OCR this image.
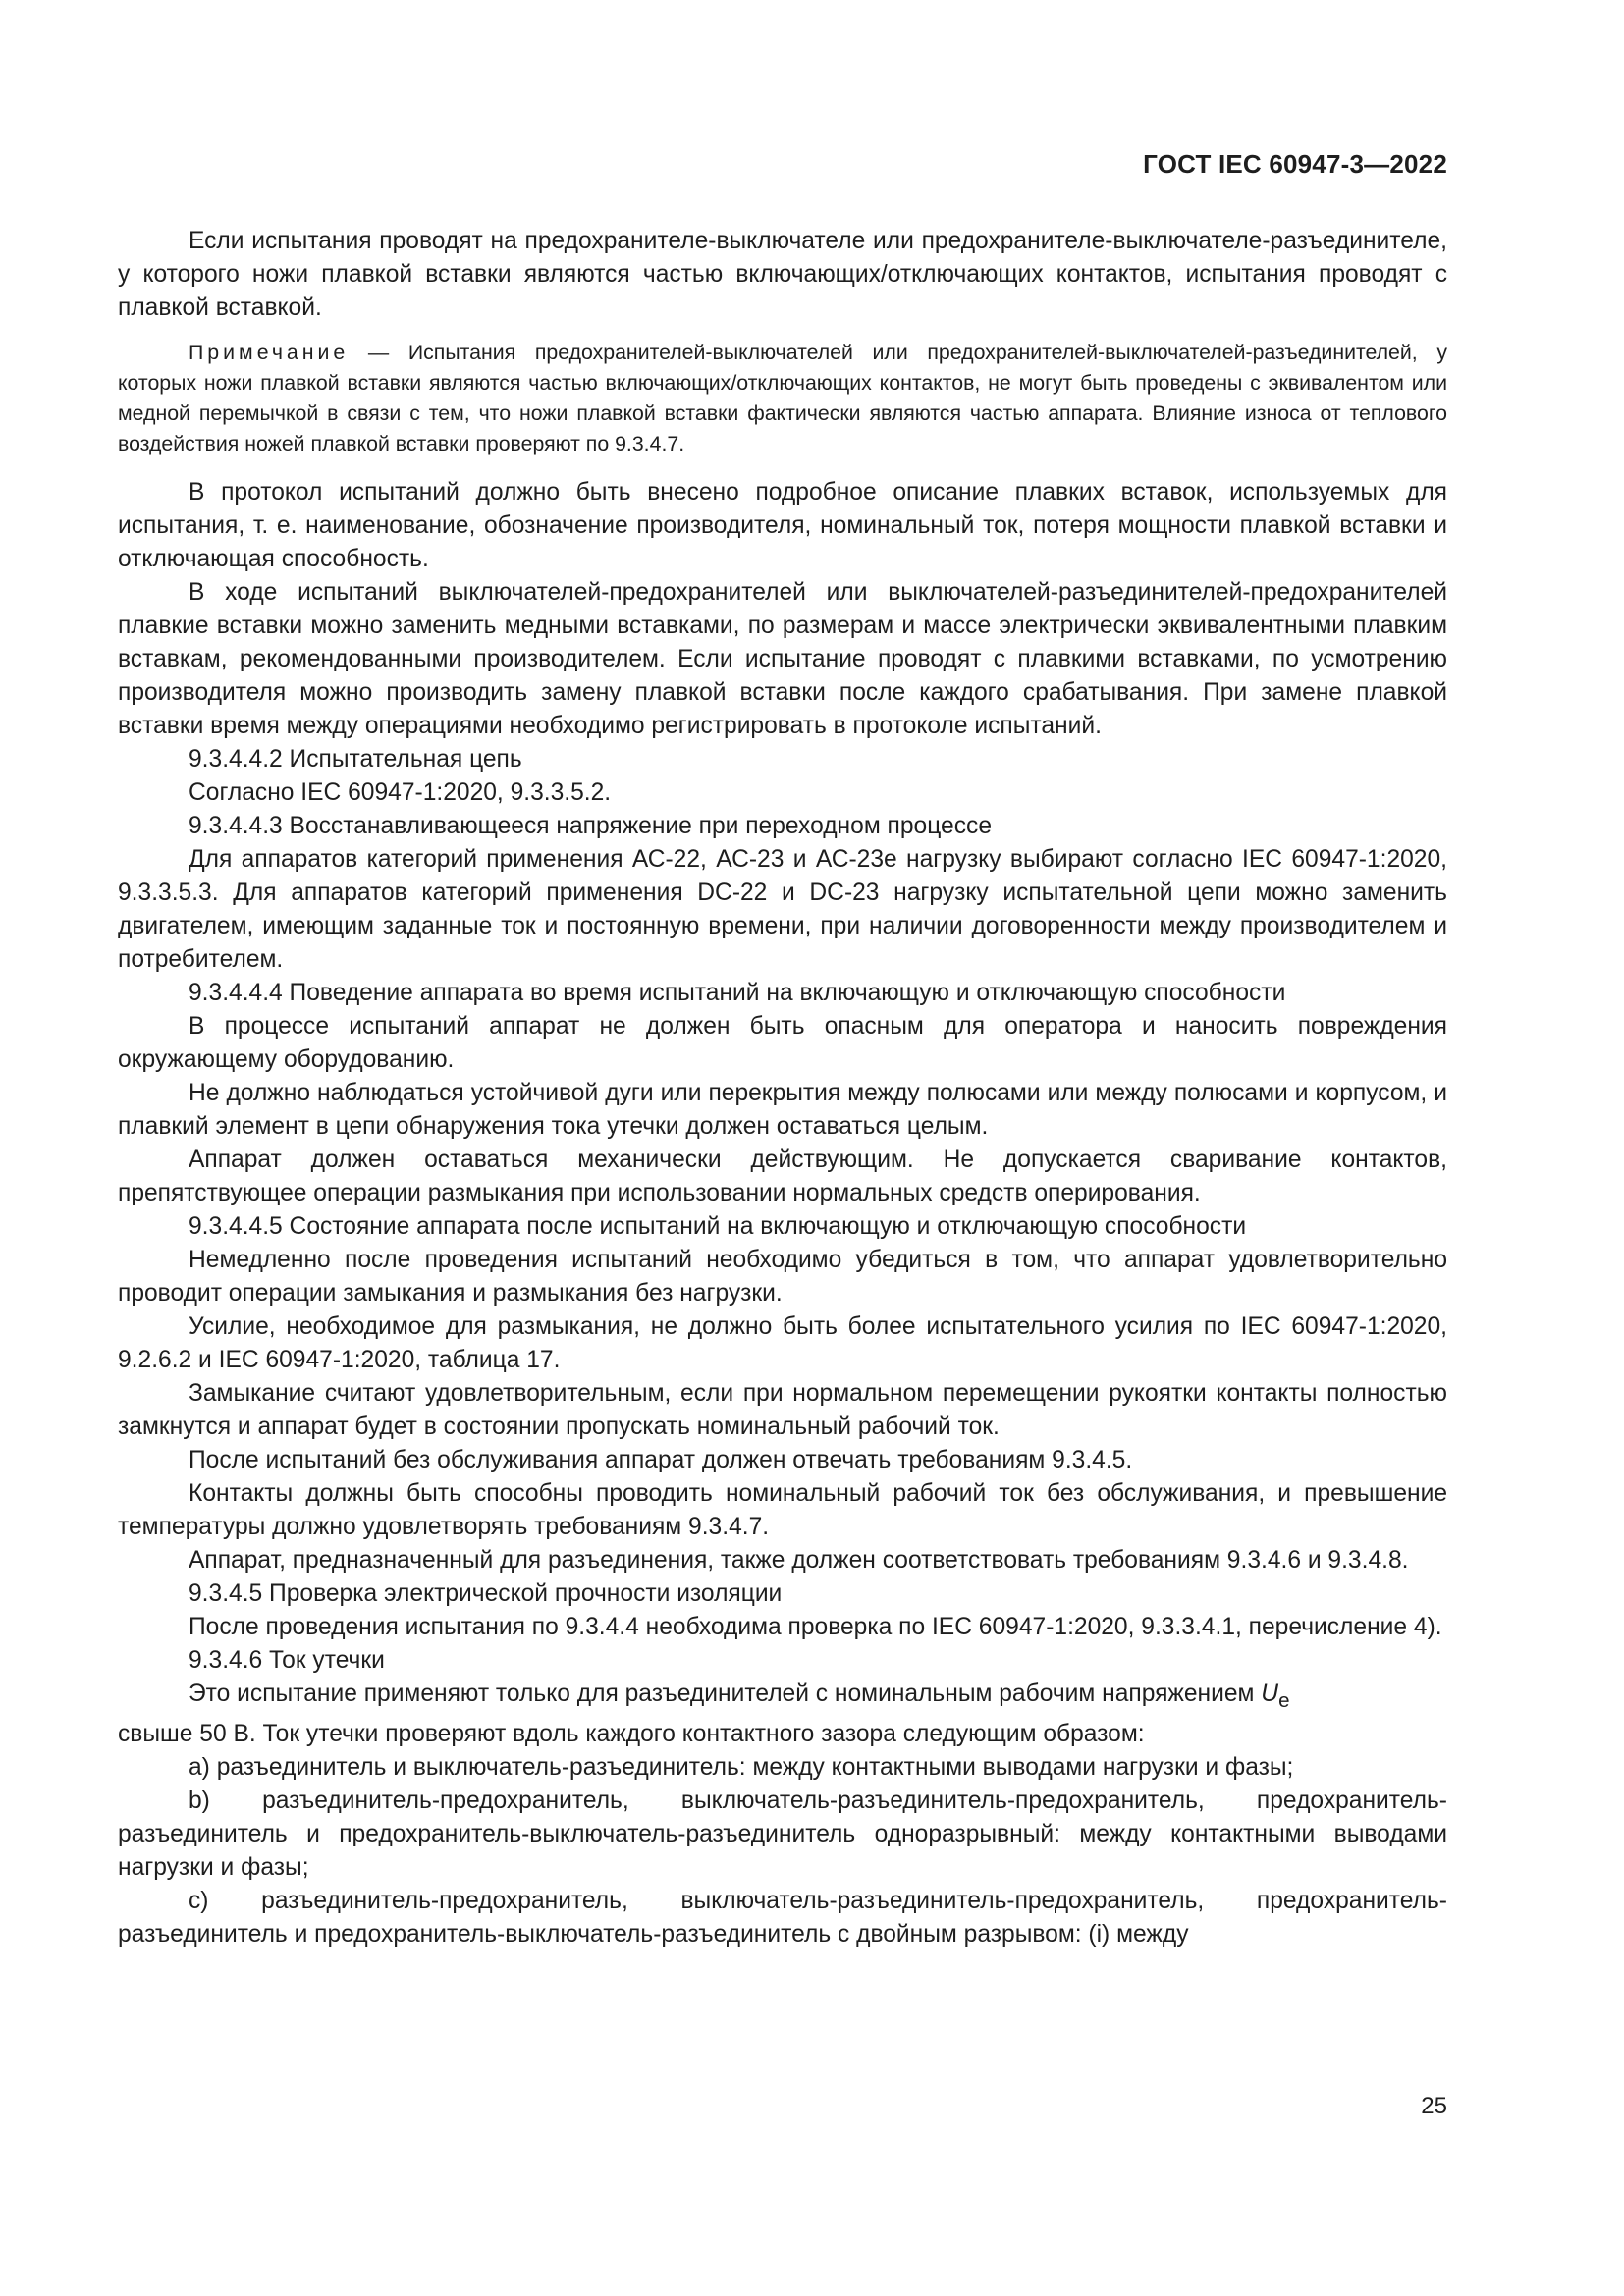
ГОСТ IEC 60947-3—2022

Если испытания проводят на предохранителе-выключателе или предохранителе-выключателе-разъединителе, у которого ножи плавкой вставки являются частью включающих/отключающих контактов, испытания проводят с плавкой вставкой.

Примечание — Испытания предохранителей-выключателей или предохранителей-выключателей-разъединителей, у которых ножи плавкой вставки являются частью включающих/отключающих контактов, не могут быть проведены с эквивалентом или медной перемычкой в связи с тем, что ножи плавкой вставки фактически являются частью аппарата. Влияние износа от теплового воздействия ножей плавкой вставки проверяют по 9.3.4.7.

В протокол испытаний должно быть внесено подробное описание плавких вставок, используемых для испытания, т. е. наименование, обозначение производителя, номинальный ток, потеря мощности плавкой вставки и отключающая способность.

В ходе испытаний выключателей-предохранителей или выключателей-разъединителей-предохранителей плавкие вставки можно заменить медными вставками, по размерам и массе электрически эквивалентными плавким вставкам, рекомендованными производителем. Если испытание проводят с плавкими вставками, по усмотрению производителя можно производить замену плавкой вставки после каждого срабатывания. При замене плавкой вставки время между операциями необходимо регистрировать в протоколе испытаний.

9.3.4.4.2 Испытательная цепь

Согласно IEC 60947-1:2020, 9.3.3.5.2.

9.3.4.4.3 Восстанавливающееся напряжение при переходном процессе

Для аппаратов категорий применения АС-22, АС-23 и АС-23е нагрузку выбирают согласно IEC 60947-1:2020, 9.3.3.5.3. Для аппаратов категорий применения DC-22 и DC-23 нагрузку испытательной цепи можно заменить двигателем, имеющим заданные ток и постоянную времени, при наличии договоренности между производителем и потребителем.

9.3.4.4.4 Поведение аппарата во время испытаний на включающую и отключающую способности

В процессе испытаний аппарат не должен быть опасным для оператора и наносить повреждения окружающему оборудованию.

Не должно наблюдаться устойчивой дуги или перекрытия между полюсами или между полюсами и корпусом, и плавкий элемент в цепи обнаружения тока утечки должен оставаться целым.

Аппарат должен оставаться механически действующим. Не допускается сваривание контактов, препятствующее операции размыкания при использовании нормальных средств оперирования.

9.3.4.4.5 Состояние аппарата после испытаний на включающую и отключающую способности

Немедленно после проведения испытаний необходимо убедиться в том, что аппарат удовлетворительно проводит операции замыкания и размыкания без нагрузки.

Усилие, необходимое для размыкания, не должно быть более испытательного усилия по IEC 60947-1:2020, 9.2.6.2 и IEC 60947-1:2020, таблица 17.

Замыкание считают удовлетворительным, если при нормальном перемещении рукоятки контакты полностью замкнутся и аппарат будет в состоянии пропускать номинальный рабочий ток.

После испытаний без обслуживания аппарат должен отвечать требованиям 9.3.4.5.

Контакты должны быть способны проводить номинальный рабочий ток без обслуживания, и превышение температуры должно удовлетворять требованиям 9.3.4.7.

Аппарат, предназначенный для разъединения, также должен соответствовать требованиям 9.3.4.6 и 9.3.4.8.

9.3.4.5 Проверка электрической прочности изоляции

После проведения испытания по 9.3.4.4 необходима проверка по IEC 60947-1:2020, 9.3.3.4.1, перечисление 4).

9.3.4.6 Ток утечки

Это испытание применяют только для разъединителей с номинальным рабочим напряжением $U_e$

свыше 50 В. Ток утечки проверяют вдоль каждого контактного зазора следующим образом:

a) разъединитель и выключатель-разъединитель: между контактными выводами нагрузки и фазы;

b) разъединитель-предохранитель, выключатель-разъединитель-предохранитель, предохранитель-разъединитель и предохранитель-выключатель-разъединитель одноразрывный: между контактными выводами нагрузки и фазы;

c) разъединитель-предохранитель, выключатель-разъединитель-предохранитель, предохранитель-разъединитель и предохранитель-выключатель-разъединитель с двойным разрывом: (i) между

25
